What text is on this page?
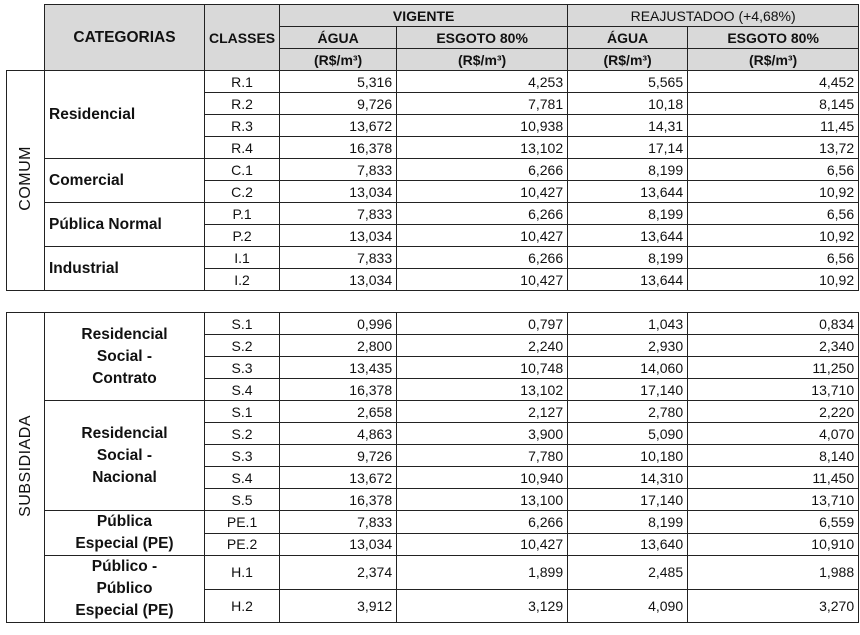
	CATEGORIAS	CLASSES	VIGENTE		REAJUSTADOO (+4,68%)	
			ÁGUA	ESGOTO 80%	ÁGUA	ESGOTO 80%
			(R$/m³)	(R$/m³)	(R$/m³)	(R$/m³)
COMUM	Residencial	R.1	5,316	4,253	5,565	4,452
		R.2	9,726	7,781	10,18	8,145
		R.3	13,672	10,938	14,31	11,45
		R.4	16,378	13,102	17,14	13,72
	Comercial	C.1	7,833	6,266	8,199	6,56
		C.2	13,034	10,427	13,644	10,92
	Pública Normal	P.1	7,833	6,266	8,199	6,56
		P.2	13,034	10,427	13,644	10,92
	Industrial	I.1	7,833	6,266	8,199	6,56
		I.2	13,034	10,427	13,644	10,92

SUBSIDIADA	Residencial
Social -
Contrato	S.1	0,996	0,797	1,043	0,834
		S.2	2,800	2,240	2,930	2,340
		S.3	13,435	10,748	14,060	11,250
		S.4	16,378	13,102	17,140	13,710

	Residencial
Social -
Nacional	S.1	2,658	2,127	2,780	2,220
		S.2	4,863	3,900	5,090	4,070
		S.3	9,726	7,780	10,180	8,140
		S.4	13,672	10,940	14,310	11,450
		S.5	16,378	13,100	17,140	13,710

	Pública
Especial (PE)	PE.1	7,833	6,266	8,199	6,559
		PE.2	13,034	10,427	13,640	10,910

	Público -
Público
Especial (PE)	H.1	2,374	1,899	2,485	1,988
		H.2	3,912	3,129	4,090	3,270
